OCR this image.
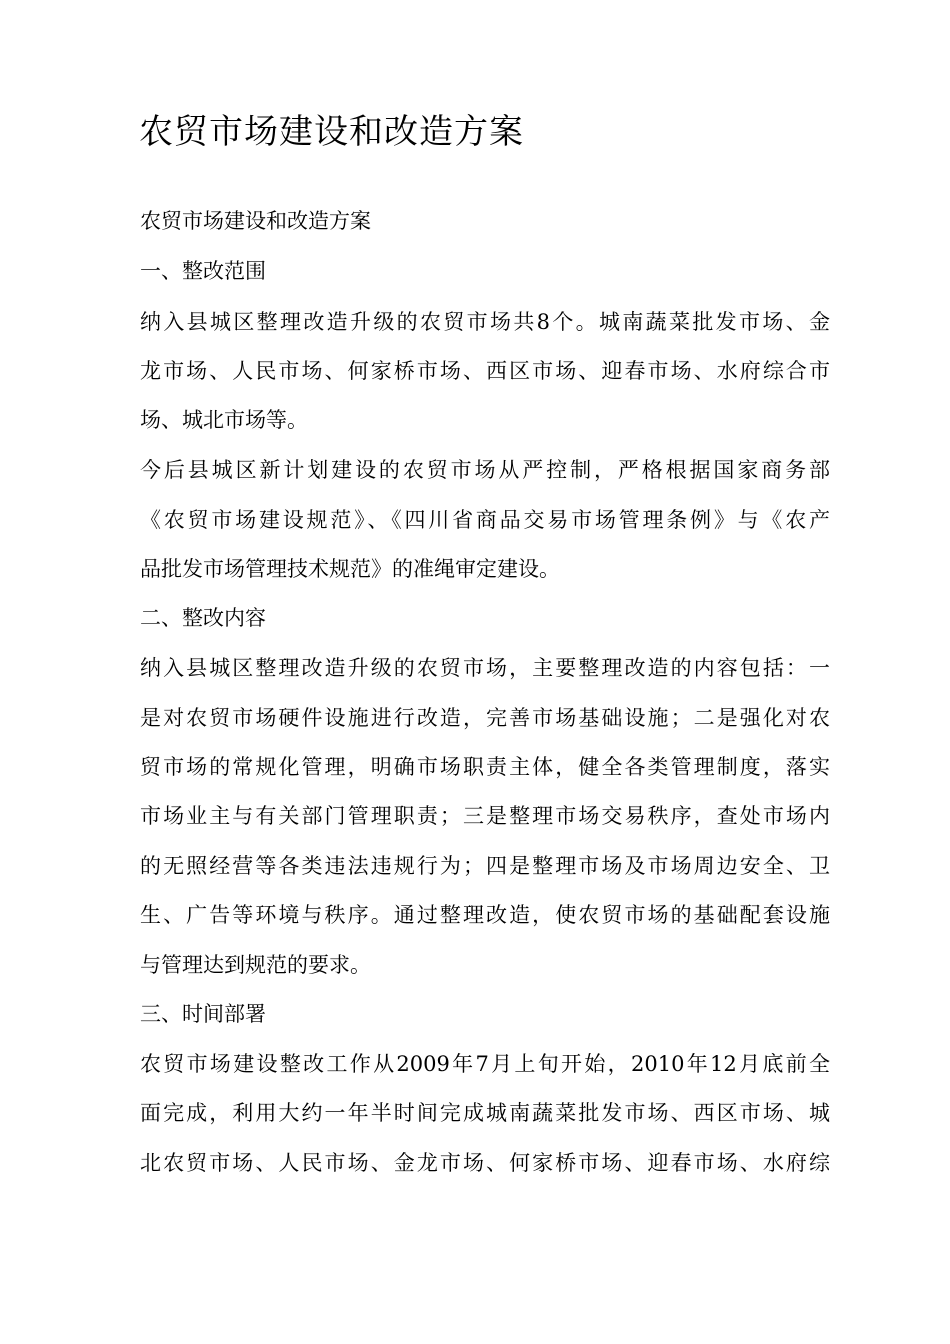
农贸市场建设和改造方案

农贸市场建设和改造方案

一、整改范围

纳入县城区整理改造升级的农贸市场共8个。城南蔬菜批发市场、金

龙市场、人民市场、何家桥市场、西区市场、迎春市场、水府综合市

场、城北市场等。

今后县城区新计划建设的农贸市场从严控制，严格根据国家商务部

《农贸市场建设规范》、《四川省商品交易市场管理条例》与《农产

品批发市场管理技术规范》的准绳审定建设。

二、整改内容

纳入县城区整理改造升级的农贸市场，主要整理改造的内容包括：一

是对农贸市场硬件设施进行改造，完善市场基础设施；二是强化对农

贸市场的常规化管理，明确市场职责主体，健全各类管理制度，落实

市场业主与有关部门管理职责；三是整理市场交易秩序，查处市场内

的无照经营等各类违法违规行为；四是整理市场及市场周边安全、卫

生、广告等环境与秩序。通过整理改造，使农贸市场的基础配套设施

与管理达到规范的要求。

三、时间部署

农贸市场建设整改工作从2009年7月上旬开始，2010年12月底前全

面完成，利用大约一年半时间完成城南蔬菜批发市场、西区市场、城

北农贸市场、人民市场、金龙市场、何家桥市场、迎春市场、水府综
